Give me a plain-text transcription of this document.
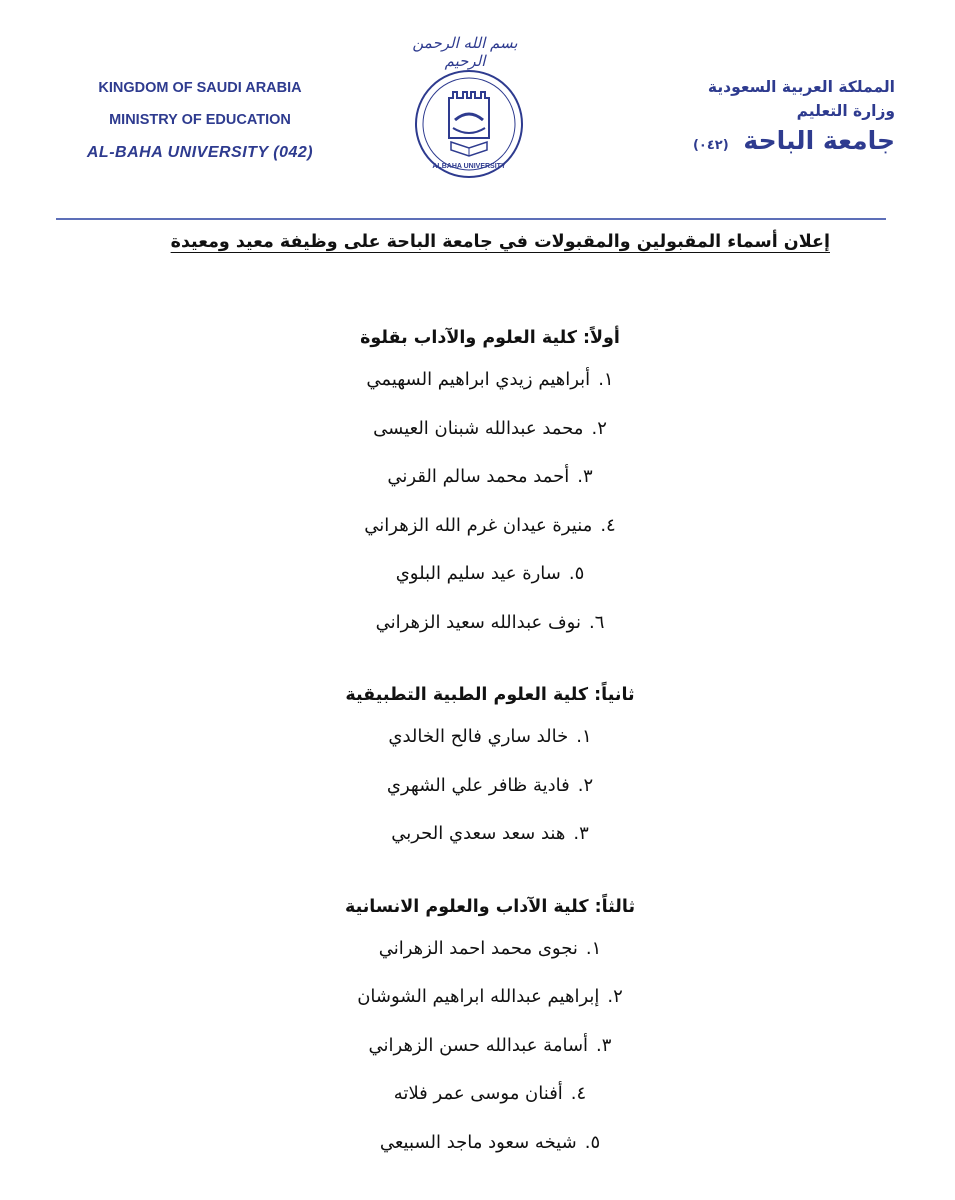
KINGDOM OF SAUDI ARABIA
MINISTRY OF EDUCATION
AL-BAHA UNIVERSITY (042)
بسم الله الرحمن الرحيم
ALBAHA UNIVERSITY
المملكة العربية السعودية
وزارة التعليم
جامعة الباحة (٠٤٢)
إعلان أسماء المقبولين والمقبولات في جامعة الباحة على وظيفة معيد ومعيدة
أولاً: كلية العلوم والآداب بقلوة
١.أبراهيم زيدي ابراهيم السهيمي
٢.محمد عبدالله شبنان العيسى
٣.أحمد محمد سالم القرني
٤.منيرة عيدان غرم الله الزهراني
٥.سارة عيد سليم البلوي
٦.نوف عبدالله سعيد الزهراني
ثانياً: كلية العلوم الطبية التطبيقية
١.خالد ساري فالح الخالدي
٢.فادية ظافر علي الشهري
٣.هند سعد سعدي الحربي
ثالثاً: كلية الآداب والعلوم الانسانية
١.نجوى محمد احمد الزهراني
٢.إبراهيم عبدالله ابراهيم الشوشان
٣.أسامة عبدالله حسن الزهراني
٤.أفنان موسى عمر فلاته
٥.شيخه سعود ماجد السبيعي
